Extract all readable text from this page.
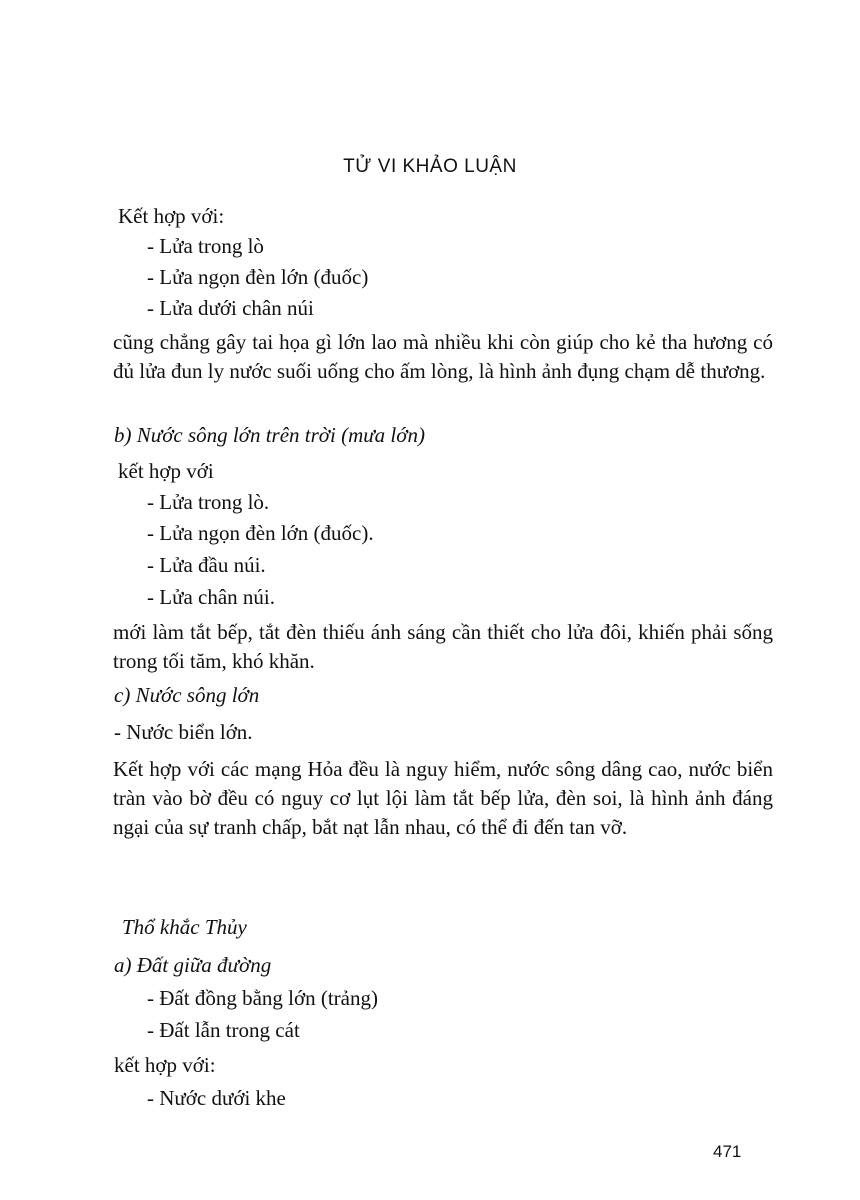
TỬ VI KHẢO LUẬN
Kết hợp với:
- Lửa trong lò
- Lửa ngọn đèn lớn (đuốc)
- Lửa dưới chân núi
cũng chẳng gây tai họa gì lớn lao mà nhiều khi còn giúp cho kẻ tha hương có đủ lửa đun ly nước suối uống cho ấm lòng, là hình ảnh đụng chạm dễ thương.
b) Nước sông lớn trên trời (mưa lớn)
kết hợp với
- Lửa trong lò.
- Lửa ngọn đèn lớn (đuốc).
- Lửa đầu núi.
- Lửa chân núi.
mới làm tắt bếp, tắt đèn thiếu ánh sáng cần thiết cho lửa đôi, khiến phải sống trong tối tăm, khó khăn.
c) Nước sông lớn
- Nước biển lớn.
Kết hợp với các mạng Hỏa đều là nguy hiểm, nước sông dâng cao, nước biển tràn vào bờ đều có nguy cơ lụt lội làm tắt bếp lửa, đèn soi, là hình ảnh đáng ngại của sự tranh chấp, bắt nạt lẫn nhau, có thể đi đến tan vỡ.
Thổ khắc Thủy
a) Đất giữa đường
- Đất đồng bằng lớn (trảng)
- Đất lẫn trong cát
kết hợp với:
- Nước dưới khe
471
